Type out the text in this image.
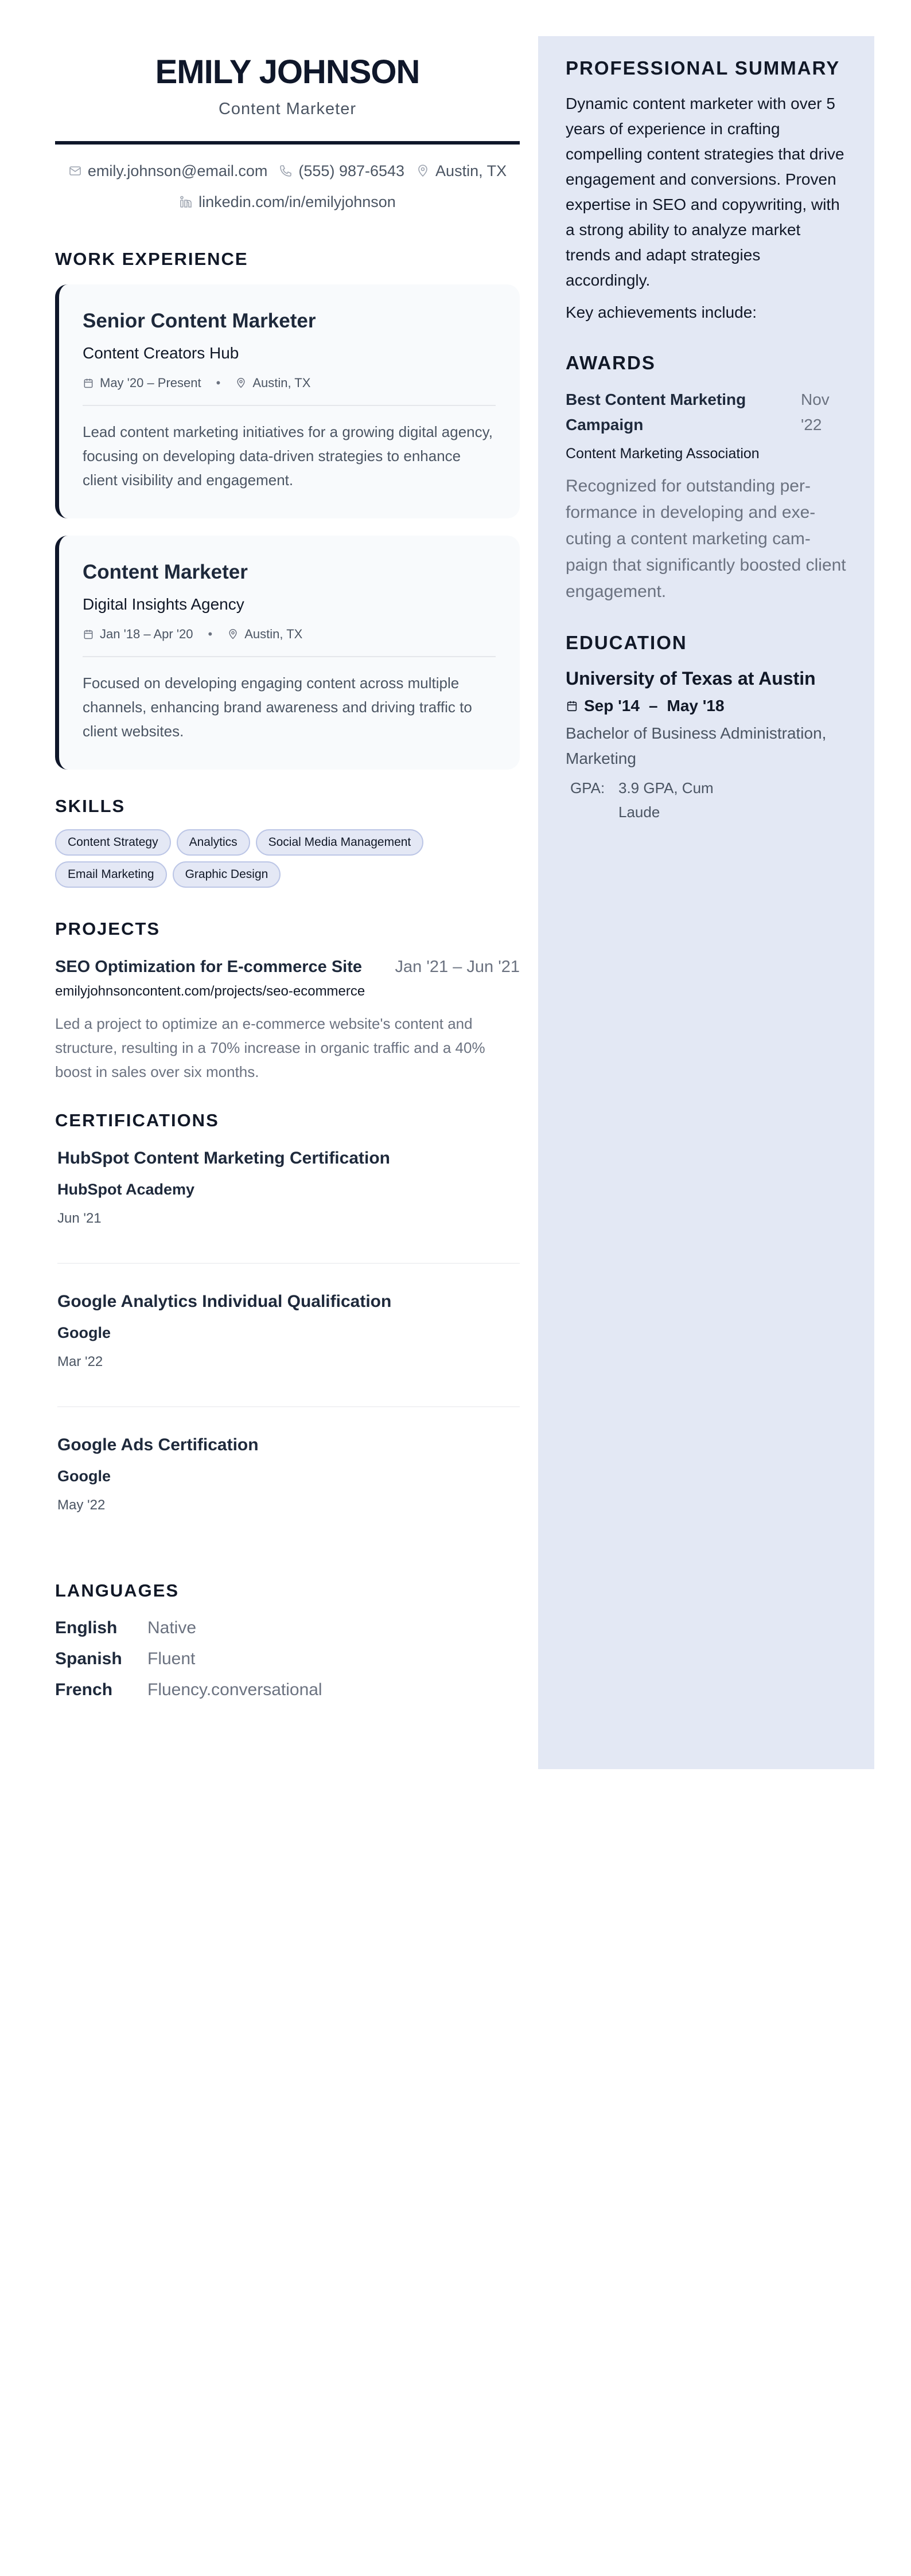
EMILY JOHNSON
Content Marketer
emily.johnson@email.com (555) 987-6543 Austin, TX
linkedin.com/in/emilyjohnson
WORK EXPERIENCE
Senior Content Marketer
Content Creators Hub
May '20 – Present •	Austin, TX

Lead content marketing initiatives for a growing digital agency, focusing on developing data-driven strategies to enhance client visibility and engagement.

Content Marketer
Digital Insights Agency
Jan '18 – Apr '20 •	Austin, TX

Focused on developing engaging content across multiple channels, enhancing brand awareness and driving traffic to client websites.

SKILLS
Content Strategy	Analytics	Social Media Management
Email Marketing	Graphic Design
PROJECTS
SEO Optimization for E-commerce Site Jan '21 – Jun '21
emilyjohnsoncontent.com/projects/seo-ecommerce

Led a project to optimize an e-commerce website's content and structure, resulting in a 70% increase in organic traffic and a 40% boost in sales over six months.

CERTIFICATIONS
HubSpot Content Marketing Certification
HubSpot Academy
Jun '21
Google Analytics Individual Qualification
Google
Mar '22
Google Ads Certification
Google
May '22
LANGUAGES
English	Native
Spanish	Fluent
French	Fluency.conversational
PROFESSIONAL SUMMARY

Dynamic content marketer with over 5 years of experience in crafting compelling content strategies that drive engagement and conversions. Proven expertise in SEO and copywriting, with a strong ability to analyze market trends and adapt strategies accordingly.

Key achievements include:

AWARDS
Best Content Marketing Campaign
Nov '22
Content Marketing Association

Recognized for outstanding performance in developing and executing a content marketing campaign that significantly boosted client engagement.

EDUCATION
University of Texas at Austin
Sep '14 – May '18
Bachelor of Business Administration, Marketing
GPA: 3.9 GPA, Cum Laude
